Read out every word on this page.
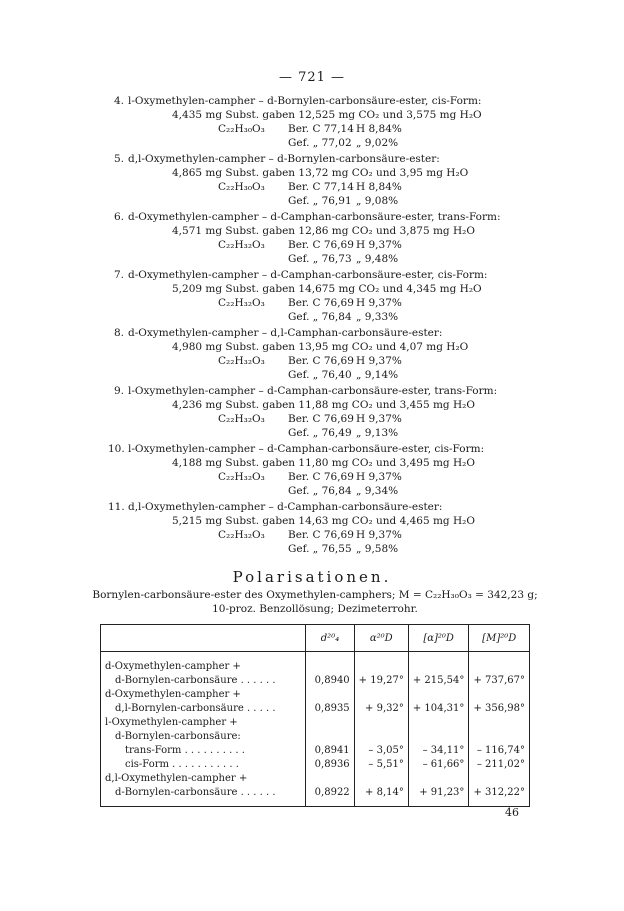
— 721 —
4. l-Oxymethylen-campher – d-Bornylen-carbonsäure-ester, cis-Form:
4,435 mg Subst. gaben 12,525 mg CO₂ und 3,575 mg H₂O
C₂₂H₃₀O₃	Ber. C 77,14 H 8,84%
Gef. „ 77,02 „ 9,02%
5. d,l-Oxymethylen-campher – d-Bornylen-carbonsäure-ester:
4,865 mg Subst. gaben 13,72 mg CO₂ und 3,95 mg H₂O
C₂₂H₃₀O₃	Ber. C 77,14 H 8,84%
Gef. „ 76,91 „ 9,08%
6. d-Oxymethylen-campher – d-Camphan-carbonsäure-ester, trans-Form:
4,571 mg Subst. gaben 12,86 mg CO₂ und 3,875 mg H₂O
C₂₂H₃₂O₃	Ber. C 76,69 H 9,37%
Gef. „ 76,73 „ 9,48%
7. d-Oxymethylen-campher – d-Camphan-carbonsäure-ester, cis-Form:
5,209 mg Subst. gaben 14,675 mg CO₂ und 4,345 mg H₂O
C₂₂H₃₂O₃	Ber. C 76,69 H 9,37%
Gef. „ 76,84 „ 9,33%
8. d-Oxymethylen-campher – d,l-Camphan-carbonsäure-ester:
4,980 mg Subst. gaben 13,95 mg CO₂ und 4,07 mg H₂O
C₂₂H₃₂O₃	Ber. C 76,69 H 9,37%
Gef. „ 76,40 „ 9,14%
9. l-Oxymethylen-campher – d-Camphan-carbonsäure-ester, trans-Form:
4,236 mg Subst. gaben 11,88 mg CO₂ und 3,455 mg H₂O
C₂₂H₃₂O₃	Ber. C 76,69 H 9,37%
Gef. „ 76,49 „ 9,13%
10. l-Oxymethylen-campher – d-Camphan-carbonsäure-ester, cis-Form:
4,188 mg Subst. gaben 11,80 mg CO₂ und 3,495 mg H₂O
C₂₂H₃₂O₃	Ber. C 76,69 H 9,37%
Gef. „ 76,84 „ 9,34%
11. d,l-Oxymethylen-campher – d-Camphan-carbonsäure-ester:
5,215 mg Subst. gaben 14,63 mg CO₂ und 4,465 mg H₂O
C₂₂H₃₂O₃	Ber. C 76,69 H 9,37%
Gef. „ 76,55 „ 9,58%
Polarisationen.
Bornylen-carbonsäure-ester des Oxymethylen-camphers; M = C₂₂H₃₀O₃ = 342,23 g;
10-proz. Benzollösung; Dezimeterrohr.
	d²⁰₄	α²⁰D	[α]²⁰D	[M]²⁰D
d-Oxymethylen-campher +				
d-Bornylen-carbonsäure . . . . . .	0,8940	+ 19,27°	+ 215,54°	+ 737,67°
d-Oxymethylen-campher +				
d,l-Bornylen-carbonsäure . . . . .	0,8935	+ 9,32°	+ 104,31°	+ 356,98°
l-Oxymethylen-campher +				
d-Bornylen-carbonsäure:				
trans-Form . . . . . . . . . .	0,8941	– 3,05°	– 34,11°	– 116,74°
cis-Form . . . . . . . . . . .	0,8936	– 5,51°	– 61,66°	– 211,02°
d,l-Oxymethylen-campher +				
d-Bornylen-carbonsäure . . . . . .	0,8922	+ 8,14°	+ 91,23°	+ 312,22°
46
